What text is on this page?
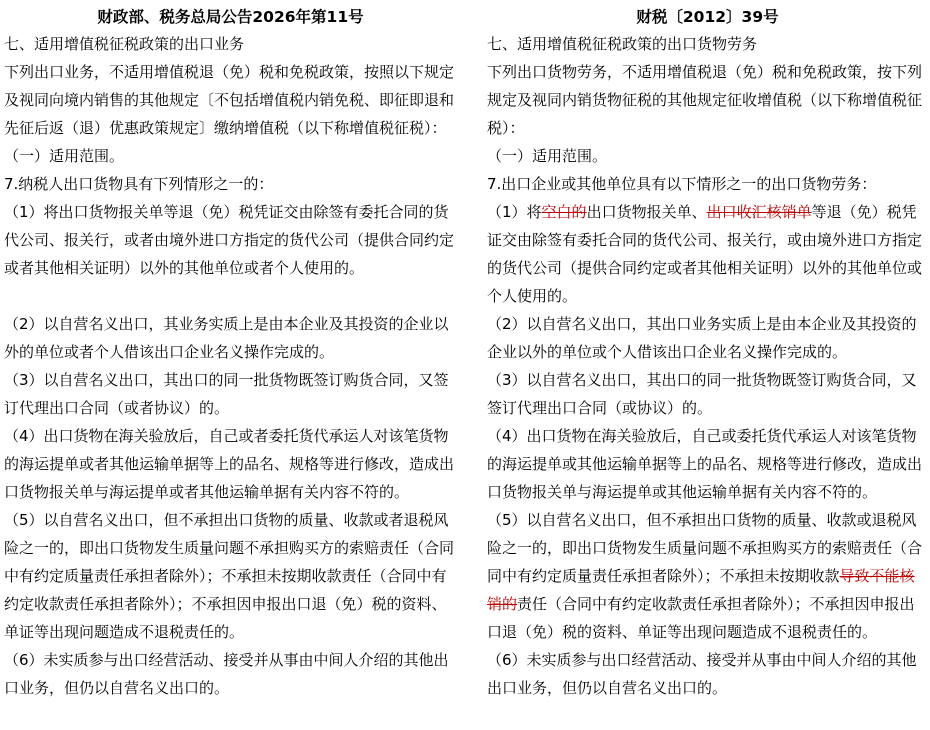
财政部、税务总局公告2026年第11号	财税〔2012〕39号
七、适用增值税征税政策的出口业务	七、适用增值税征税政策的出口货物劳务
下列出口业务，不适用增值税退（免）税和免税政策，按照以下规定及视同向境内销售的其他规定〔不包括增值税内销免税、即征即退和先征后返（退）优惠政策规定〕缴纳增值税（以下称增值税征税）：	下列出口货物劳务，不适用增值税退（免）税和免税政策，按下列规定及视同内销货物征税的其他规定征收增值税（以下称增值税征税）：
（一）适用范围。	（一）适用范围。
7.纳税人出口货物具有下列情形之一的：	7.出口企业或其他单位具有以下情形之一的出口货物劳务：
（1）将出口货物报关单等退（免）税凭证交由除签有委托合同的货代公司、报关行，或者由境外进口方指定的货代公司（提供合同约定或者其他相关证明）以外的其他单位或者个人使用的。	（1）将空白的出口货物报关单、出口收汇核销单等退（免）税凭证交由除签有委托合同的货代公司、报关行，或由境外进口方指定的货代公司（提供合同约定或者其他相关证明）以外的其他单位或个人使用的。
（2）以自营名义出口，其业务实质上是由本企业及其投资的企业以外的单位或者个人借该出口企业名义操作完成的。	（2）以自营名义出口，其出口业务实质上是由本企业及其投资的企业以外的单位或个人借该出口企业名义操作完成的。
（3）以自营名义出口，其出口的同一批货物既签订购货合同，又签订代理出口合同（或者协议）的。	（3）以自营名义出口，其出口的同一批货物既签订购货合同，又签订代理出口合同（或协议）的。
（4）出口货物在海关验放后，自己或者委托货代承运人对该笔货物的海运提单或者其他运输单据等上的品名、规格等进行修改，造成出口货物报关单与海运提单或者其他运输单据有关内容不符的。	（4）出口货物在海关验放后，自己或委托货代承运人对该笔货物的海运提单或其他运输单据等上的品名、规格等进行修改，造成出口货物报关单与海运提单或其他运输单据有关内容不符的。
（5）以自营名义出口，但不承担出口货物的质量、收款或者退税风险之一的，即出口货物发生质量问题不承担购买方的索赔责任（合同中有约定质量责任承担者除外）；不承担未按期收款责任（合同中有约定收款责任承担者除外）；不承担因申报出口退（免）税的资料、单证等出现问题造成不退税责任的。	（5）以自营名义出口，但不承担出口货物的质量、收款或退税风险之一的，即出口货物发生质量问题不承担购买方的索赔责任（合同中有约定质量责任承担者除外）；不承担未按期收款导致不能核销的责任（合同中有约定收款责任承担者除外）；不承担因申报出口退（免）税的资料、单证等出现问题造成不退税责任的。
（6）未实质参与出口经营活动、接受并从事由中间人介绍的其他出口业务，但仍以自营名义出口的。	（6）未实质参与出口经营活动、接受并从事由中间人介绍的其他出口业务，但仍以自营名义出口的。
